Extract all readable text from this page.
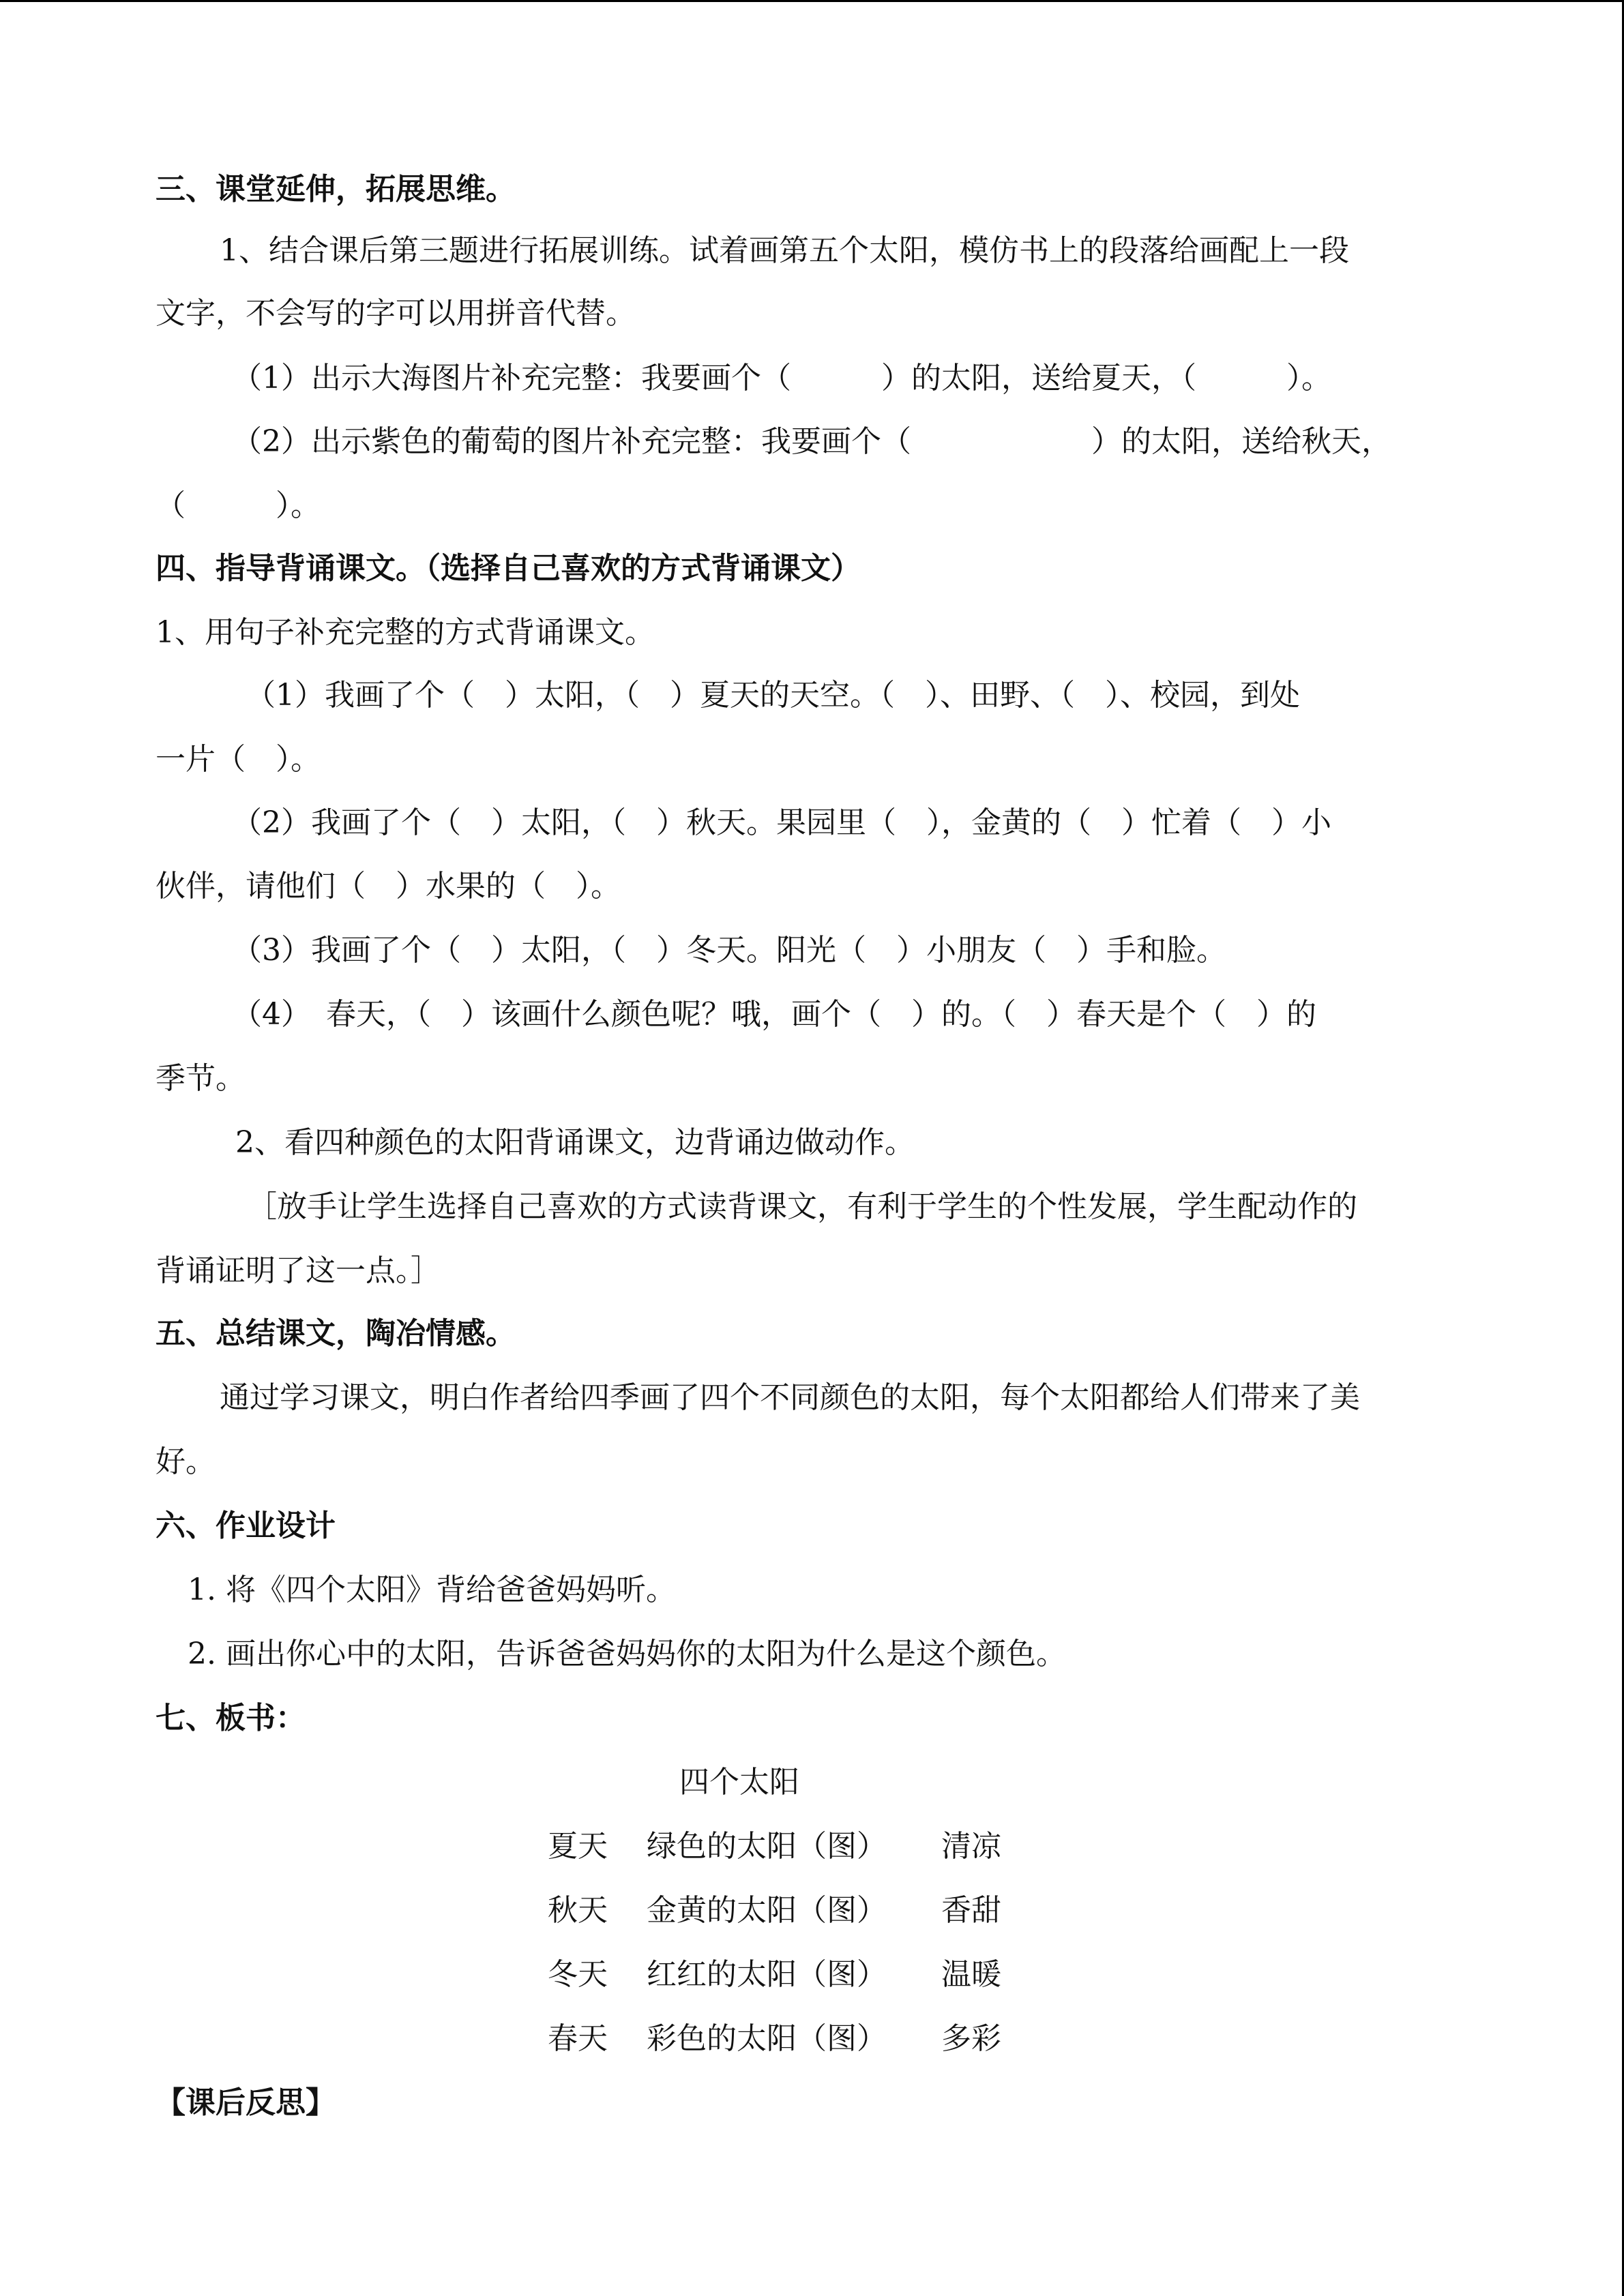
三、课堂延伸，拓展思维。
1、结合课后第三题进行拓展训练。试着画第五个太阳，模仿书上的段落给画配上一段
文字，不会写的字可以用拼音代替。
（1）出示大海图片补充完整：我要画个（　　　）的太阳，送给夏天，（　　　）。
（2）出示紫色的葡萄的图片补充完整：我要画个（　　　　　　）的太阳，送给秋天，
（　　　）。
四、指导背诵课文。（选择自己喜欢的方式背诵课文）
1、用句子补充完整的方式背诵课文。
（1）我画了个（　）太阳，（　）夏天的天空。（　）、田野、（　）、校园，到处
一片（　）。
（2）我画了个（　）太阳，（　）秋天。果园里（　），金黄的（　）忙着（　）小
伙伴，请他们（　）水果的（　）。
（3）我画了个（　）太阳，（　）冬天。阳光（　）小朋友（　）手和脸。
（4）　春天，（　）该画什么颜色呢？哦，画个（　）的。（　）春天是个（　）的
季节。
2、看四种颜色的太阳背诵课文，边背诵边做动作。
［放手让学生选择自己喜欢的方式读背课文，有利于学生的个性发展，学生配动作的
背诵证明了这一点。］
五、总结课文，陶冶情感。
通过学习课文，明白作者给四季画了四个不同颜色的太阳，每个太阳都给人们带来了美
好。
六、作业设计
1. 将《四个太阳》背给爸爸妈妈听。
2. 画出你心中的太阳，告诉爸爸妈妈你的太阳为什么是这个颜色。
七、板书：
四个太阳
夏天 绿色的太阳（图） 清凉
秋天 金黄的太阳（图） 香甜
冬天 红红的太阳（图） 温暖
春天 彩色的太阳（图） 多彩
【课后反思】
